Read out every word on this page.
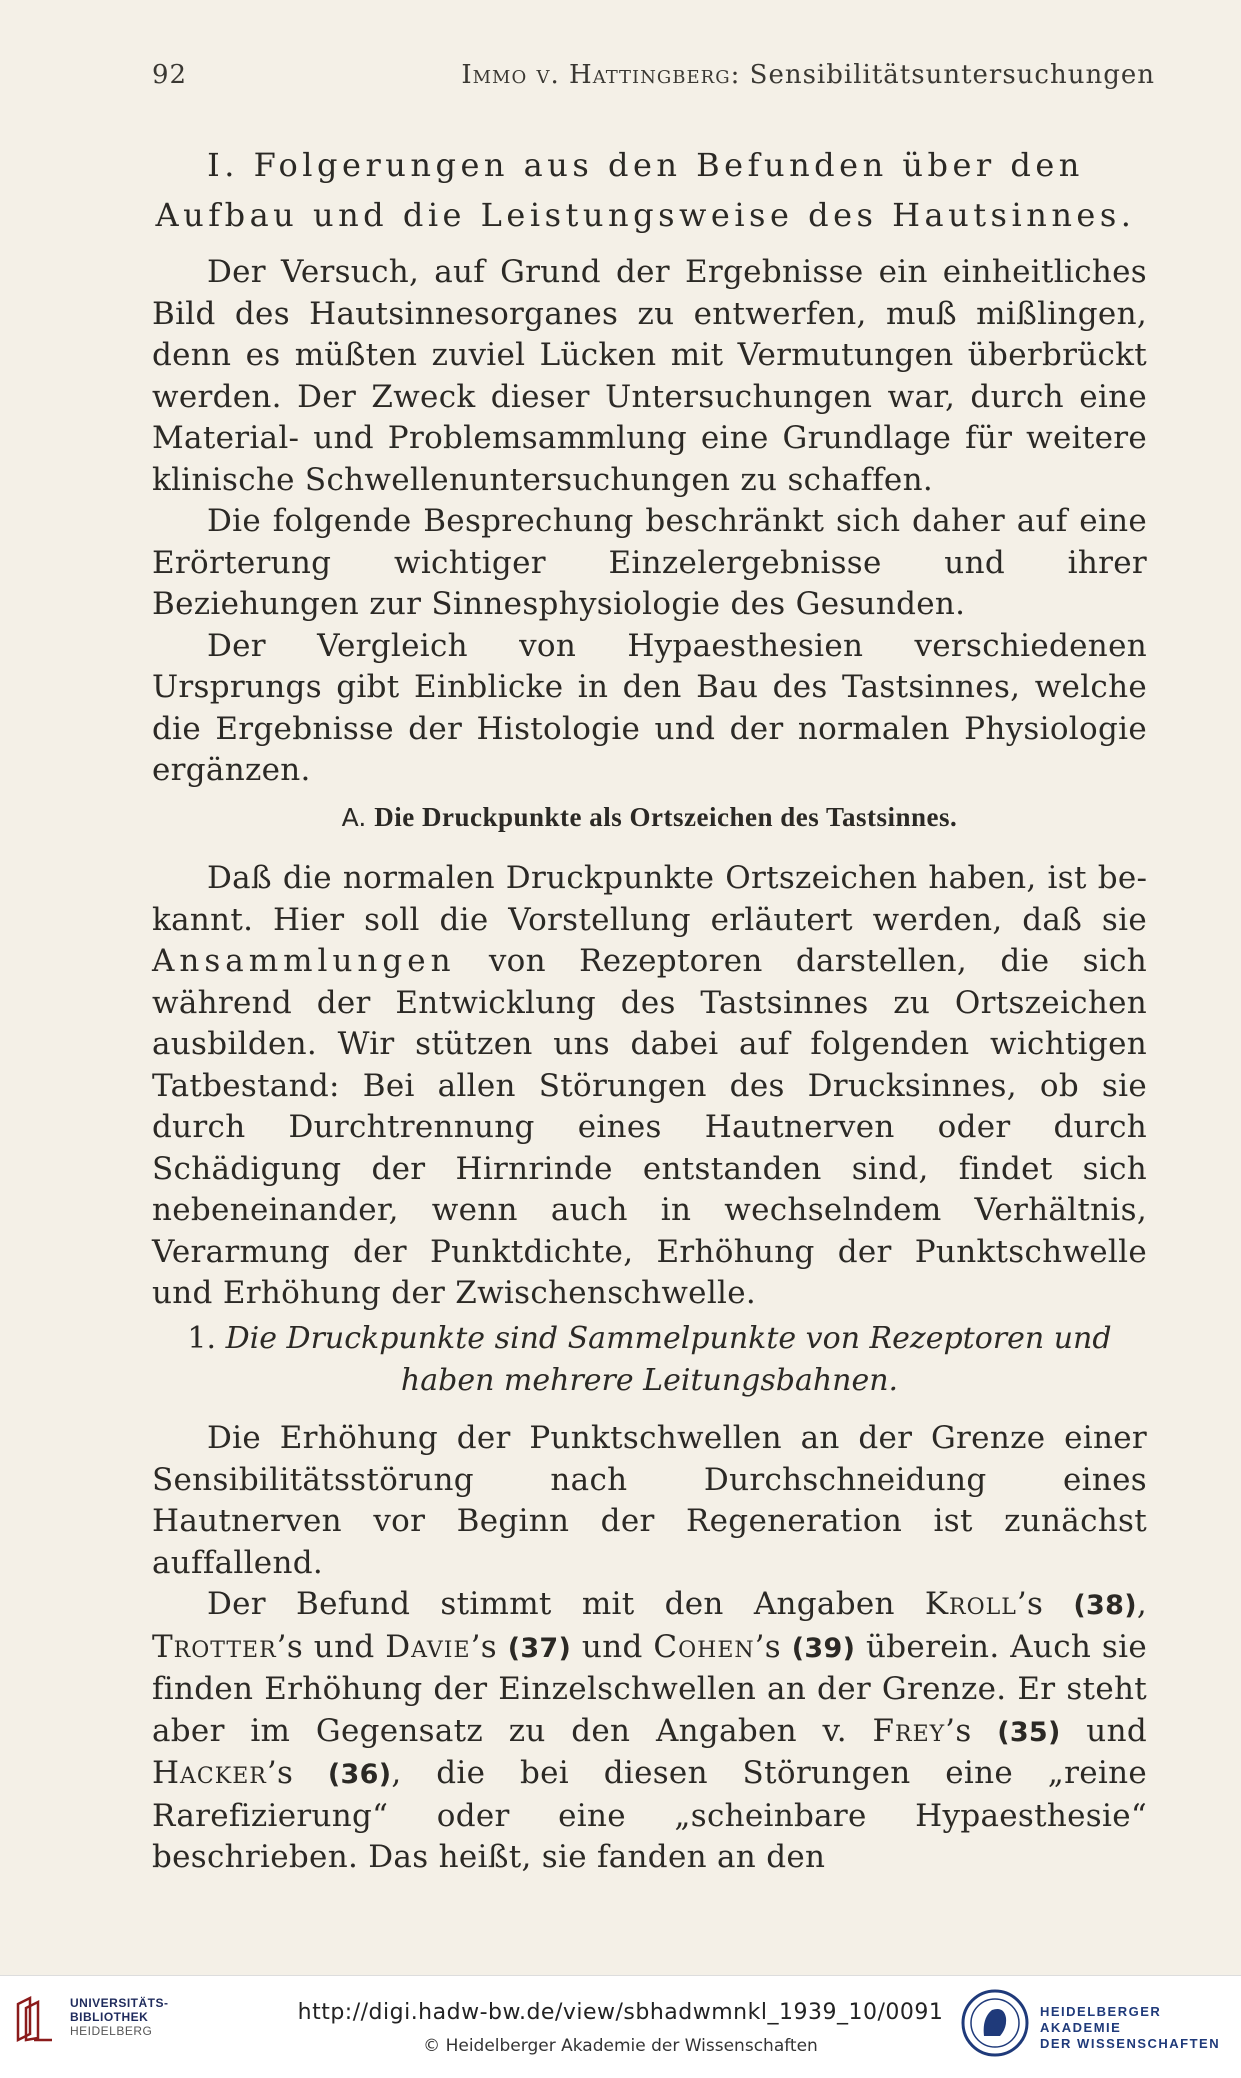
92	Immo v. Hattingberg: Sensibilitätsuntersuchungen
I. Folgerungen aus den Befunden über den Aufbau und die Leistungsweise des Hautsinnes.

Der Versuch, auf Grund der Ergebnisse ein einheitliches Bild des Hautsinnesorganes zu entwerfen, muß mißlingen, denn es müßten zuviel Lücken mit Vermutungen überbrückt werden. Der Zweck dieser Untersuchungen war, durch eine Material- und Problemsammlung eine Grundlage für weitere klinische Schwellenuntersuchungen zu schaffen.

Die folgende Besprechung beschränkt sich daher auf eine Erörterung wichtiger Einzelergebnisse und ihrer Beziehungen zur Sinnesphysiologie des Gesunden.

Der Vergleich von Hypaesthesien verschiedenen Ursprungs gibt Einblicke in den Bau des Tastsinnes, welche die Ergebnisse der Histologie und der normalen Physiologie ergänzen.

A. Die Druckpunkte als Ortszeichen des Tastsinnes.

Daß die normalen Druckpunkte Ortszeichen haben, ist bekannt. Hier soll die Vorstellung erläutert werden, daß sie Ansammlungen von Rezeptoren darstellen, die sich während der Entwicklung des Tastsinnes zu Ortszeichen ausbilden. Wir stützen uns dabei auf folgenden wichtigen Tatbestand: Bei allen Störungen des Drucksinnes, ob sie durch Durchtrennung eines Hautnerven oder durch Schädigung der Hirnrinde entstanden sind, findet sich nebeneinander, wenn auch in wechselndem Verhältnis, Verarmung der Punktdichte, Erhöhung der Punktschwelle und Erhöhung der Zwischenschwelle.

1. Die Druckpunkte sind Sammelpunkte von Rezeptoren und haben mehrere Leitungsbahnen.

Die Erhöhung der Punktschwellen an der Grenze einer Sensibilitätsstörung nach Durchschneidung eines Hautnerven vor Beginn der Regeneration ist zunächst auffallend.

Der Befund stimmt mit den Angaben Kroll’s (38), Trotter’s und Davie’s (37) und Cohen’s (39) überein. Auch sie finden Erhöhung der Einzelschwellen an der Grenze. Er steht aber im Gegensatz zu den Angaben v. Frey’s (35) und Hacker’s (36), die bei diesen Störungen eine „reine Rarefizierung“ oder eine „scheinbare Hypaesthesie“ beschrieben. Das heißt, sie fanden an den

UNIVERSITÄTS-
BIBLIOTHEK
HEIDELBERG
http://digi.hadw-bw.de/view/sbhadwmnkl_1939_10/0091
© Heidelberger Akademie der Wissenschaften
HEIDELBERGER AKADEMIE
DER WISSENSCHAFTEN
